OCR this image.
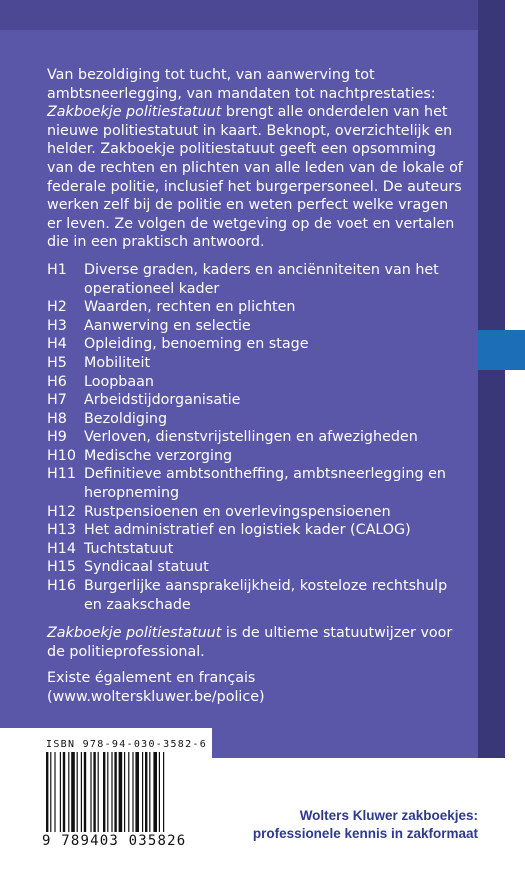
Van bezoldiging tot tucht, van aanwerving tot ambtsneerlegging, van mandaten tot nachtprestaties: Zakboekje politiestatuut brengt alle onderdelen van het nieuwe politiestatuut in kaart. Beknopt, overzichtelijk en helder. Zakboekje politiestatuut geeft een opsomming van de rechten en plichten van alle leden van de lokale of federale politie, inclusief het burgerpersoneel. De auteurs werken zelf bij de politie en weten perfect welke vragen er leven. Ze volgen de wetgeving op de voet en vertalen die in een praktisch antwoord.

H1	Diverse graden, kaders en anciënniteiten van het operationeel kader
H2	Waarden, rechten en plichten
H3	Aanwerving en selectie
H4	Opleiding, benoeming en stage
H5	Mobiliteit
H6	Loopbaan
H7	Arbeidstijdorganisatie
H8	Bezoldiging
H9	Verloven, dienstvrijstellingen en afwezigheden
H10 Medische verzorging
H11 Definitieve ambtsontheffing, ambtsneerlegging en heropneming
H12 Rustpensioenen en overlevingspensioenen
H13 Het administratief en logistiek kader (CALOG)
H14 Tuchtstatuut
H15 Syndicaal statuut
H16 Burgerlijke aansprakelijkheid, kosteloze rechtshulp en zaakschade

Zakboekje politiestatuut is de ultieme statuutwijzer voor de politieprofessional.

Existe également en français
(www.wolterskluwer.be/police)

ISBN 978-94-030-3582-6
9 789403 035826
Wolters Kluwer zakboekjes:
professionele kennis in zakformaat
